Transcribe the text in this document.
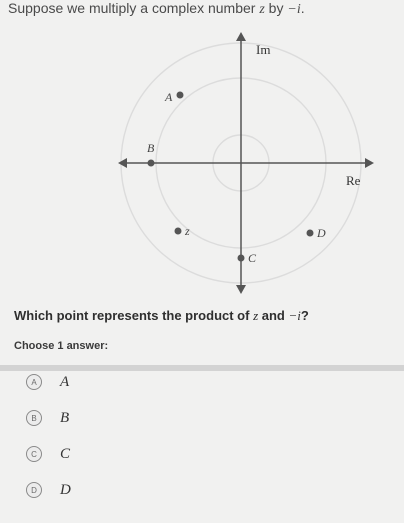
Suppose we multiply a complex number z by −i.
Im
Re
A
B
z
C
D
Which point represents the product of z and −i?
Choose 1 answer:
A	A
B	B
C	C
D	D
